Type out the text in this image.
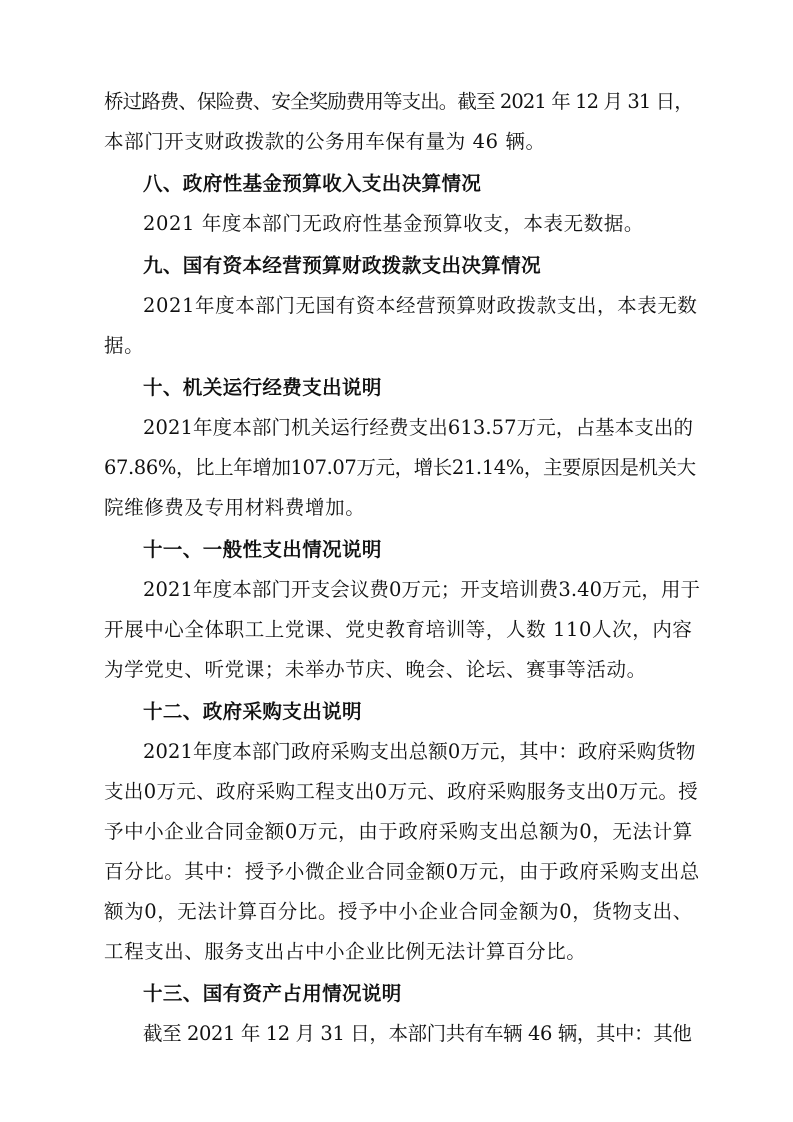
桥过路费、保险费、安全奖励费用等支出。截至 2021 年 12 月 31 日，
本部门开支财政拨款的公务用车保有量为 46 辆。
八、政府性基金预算收入支出决算情况
2021 年度本部门无政府性基金预算收支，本表无数据。
九、国有资本经营预算财政拨款支出决算情况
2021年度本部门无国有资本经营预算财政拨款支出，本表无数
据。
十、机关运行经费支出说明
2021年度本部门机关运行经费支出613.57万元，占基本支出的
67.86%，比上年增加107.07万元，增长21.14%，主要原因是机关大
院维修费及专用材料费增加。
十一、一般性支出情况说明
2021年度本部门开支会议费0万元；开支培训费3.40万元，用于
开展中心全体职工上党课、党史教育培训等，人数 110人次，内容
为学党史、听党课；未举办节庆、晚会、论坛、赛事等活动。
十二、政府采购支出说明
2021年度本部门政府采购支出总额0万元，其中：政府采购货物
支出0万元、政府采购工程支出0万元、政府采购服务支出0万元。授
予中小企业合同金额0万元，由于政府采购支出总额为0，无法计算
百分比。其中：授予小微企业合同金额0万元，由于政府采购支出总
额为0，无法计算百分比。授予中小企业合同金额为0，货物支出、
工程支出、服务支出占中小企业比例无法计算百分比。
十三、国有资产占用情况说明
截至 2021 年 12 月 31 日，本部门共有车辆 46 辆，其中：其他
